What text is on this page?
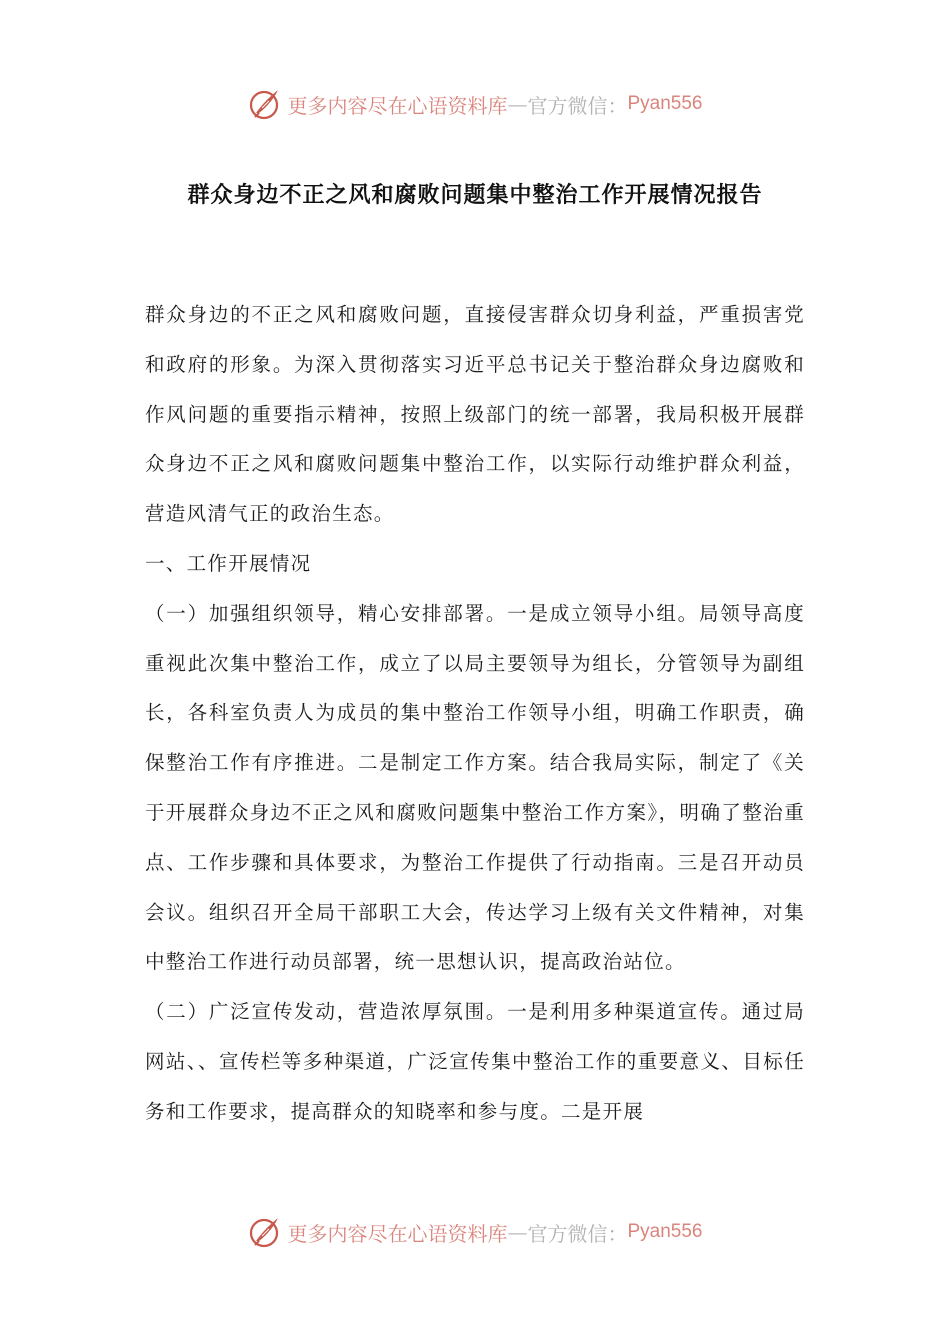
更多内容尽在心语资料库 — 官方微信： Pyan556
群众身边不正之风和腐败问题集中整治工作开展情况报告

群众身边的不正之风和腐败问题，直接侵害群众切身利益，严重损害党和政府的形象。为深入贯彻落实习近平总书记关于整治群众身边腐败和作风问题的重要指示精神，按照上级部门的统一部署，我局积极开展群众身边不正之风和腐败问题集中整治工作，以实际行动维护群众利益，营造风清气正的政治生态。

一、工作开展情况

（一）加强组织领导，精心安排部署。一是成立领导小组。局领导高度重视此次集中整治工作，成立了以局主要领导为组长，分管领导为副组长，各科室负责人为成员的集中整治工作领导小组，明确工作职责，确保整治工作有序推进。二是制定工作方案。结合我局实际，制定了《关于开展群众身边不正之风和腐败问题集中整治工作方案》，明确了整治重点、工作步骤和具体要求，为整治工作提供了行动指南。三是召开动员会议。组织召开全局干部职工大会，传达学习上级有关文件精神，对集中整治工作进行动员部署，统一思想认识，提高政治站位。

（二）广泛宣传发动，营造浓厚氛围。一是利用多种渠道宣传。通过局网站、、宣传栏等多种渠道，广泛宣传集中整治工作的重要意义、目标任务和工作要求，提高群众的知晓率和参与度。二是开展

更多内容尽在心语资料库 — 官方微信： Pyan556
